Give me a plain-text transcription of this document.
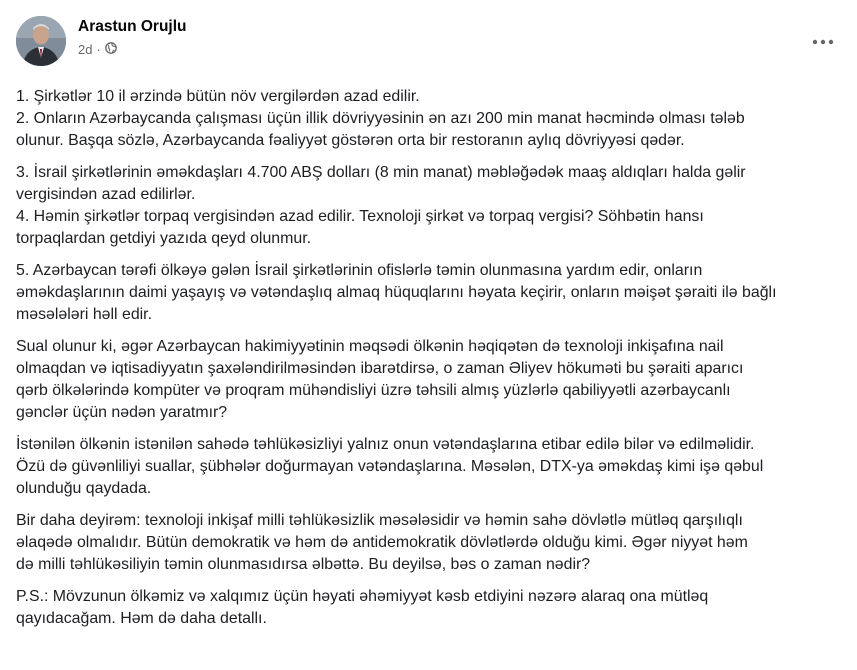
Arastun Orujlu
2d ·

1. Şirkətlər 10 il ərzində bütün növ vergilərdən azad edilir.
2. Onların Azərbaycanda çalışması üçün illik dövriyyəsinin ən azı 200 min manat həcmində olması tələb
olunur. Başqa sözlə, Azərbaycanda fəaliyyət göstərən orta bir restoranın aylıq dövriyyəsi qədər.

3. İsrail şirkətlərinin əməkdaşları 4.700 ABŞ dolları (8 min manat) məbləğədək maaş aldıqları halda gəlir
vergisindən azad edilirlər.
4. Həmin şirkətlər torpaq vergisindən azad edilir. Texnoloji şirkət və torpaq vergisi? Söhbətin hansı
torpaqlardan getdiyi yazıda qeyd olunmur.

5. Azərbaycan tərəfi ölkəyə gələn İsrail şirkətlərinin ofislərlə təmin olunmasına yardım edir, onların
əməkdaşlarının daimi yaşayış və vətəndaşlıq almaq hüquqlarını həyata keçirir, onların məişət şəraiti ilə bağlı
məsələləri həll edir.

Sual olunur ki, əgər Azərbaycan hakimiyyətinin məqsədi ölkənin həqiqətən də texnoloji inkişafına nail
olmaqdan və iqtisadiyyatın şaxələndirilməsindən ibarətdirsə, o zaman Əliyev hökuməti bu şəraiti aparıcı
qərb ölkələrində kompüter və proqram mühəndisliyi üzrə təhsili almış yüzlərlə qabiliyyətli azərbaycanlı
gənclər üçün nədən yaratmır?

İstənilən ölkənin istənilən sahədə təhlükəsizliyi yalnız onun vətəndaşlarına etibar edilə bilər və edilməlidir.
Özü də güvənliliyi suallar, şübhələr doğurmayan vətəndaşlarına. Məsələn, DTX-ya əməkdaş kimi işə qəbul
olunduğu qaydada.

Bir daha deyirəm: texnoloji inkişaf milli təhlükəsizlik məsələsidir və həmin sahə dövlətlə mütləq qarşılıqlı
əlaqədə olmalıdır. Bütün demokratik və həm də antidemokratik dövlətlərdə olduğu kimi. Əgər niyyət həm
də milli təhlükəsiliyin təmin olunmasıdırsa əlbəttə. Bu deyilsə, bəs o zaman nədir?

P.S.: Mövzunun ölkəmiz və xalqımız üçün həyati əhəmiyyət kəsb etdiyini nəzərə alaraq ona mütləq
qayıdacağam. Həm də daha detallı.
